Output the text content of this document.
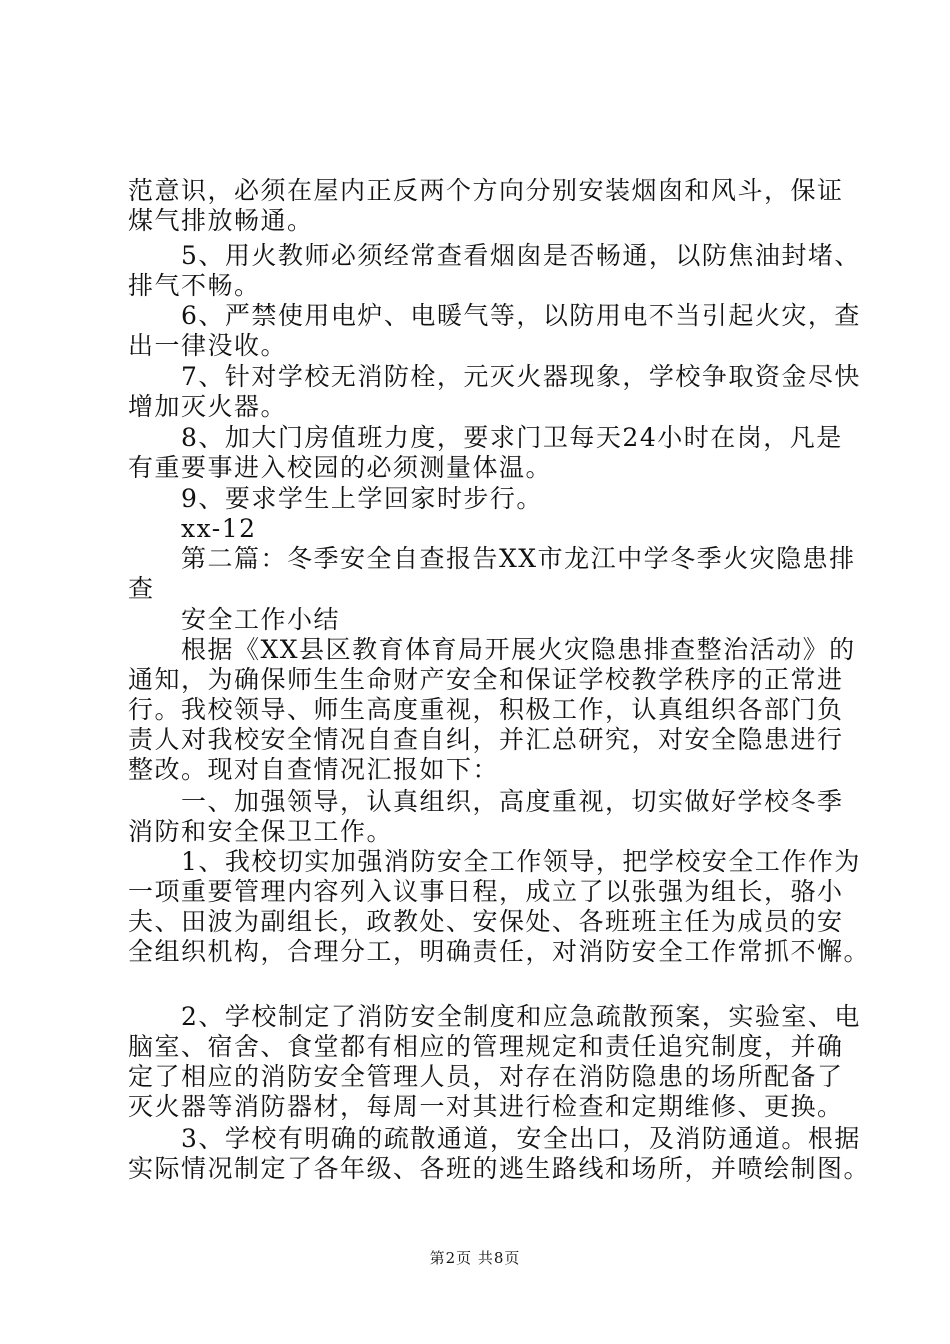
范意识，必须在屋内正反两个方向分别安装烟囱和风斗，保证
煤气排放畅通。
　　5、用火教师必须经常查看烟囱是否畅通，以防焦油封堵、
排气不畅。
　　6、严禁使用电炉、电暖气等，以防用电不当引起火灾，查
出一律没收。
　　7、针对学校无消防栓，元灭火器现象，学校争取资金尽快
增加灭火器。
　　8、加大门房值班力度，要求门卫每天24小时在岗，凡是
有重要事进入校园的必须测量体温。
　　9、要求学生上学回家时步行。
　　xx-12
　　第二篇：冬季安全自查报告XX市龙江中学冬季火灾隐患排
查
　　安全工作小结
　　根据《XX县区教育体育局开展火灾隐患排查整治活动》的
通知，为确保师生生命财产安全和保证学校教学秩序的正常进
行。我校领导、师生高度重视，积极工作，认真组织各部门负
责人对我校安全情况自查自纠，并汇总研究，对安全隐患进行
整改。现对自查情况汇报如下：
　　一、加强领导，认真组织，高度重视，切实做好学校冬季
消防和安全保卫工作。
　　1、我校切实加强消防安全工作领导，把学校安全工作作为
一项重要管理内容列入议事日程，成立了以张强为组长，骆小
夫、田波为副组长，政教处、安保处、各班班主任为成员的安
全组织机构，合理分工，明确责任，对消防安全工作常抓不懈。
　　2、学校制定了消防安全制度和应急疏散预案，实验室、电
脑室、宿舍、食堂都有相应的管理规定和责任追究制度，并确
定了相应的消防安全管理人员，对存在消防隐患的场所配备了
灭火器等消防器材，每周一对其进行检查和定期维修、更换。
　　3、学校有明确的疏散通道，安全出口，及消防通道。根据
实际情况制定了各年级、各班的逃生路线和场所，并喷绘制图。
第2页 共8页
